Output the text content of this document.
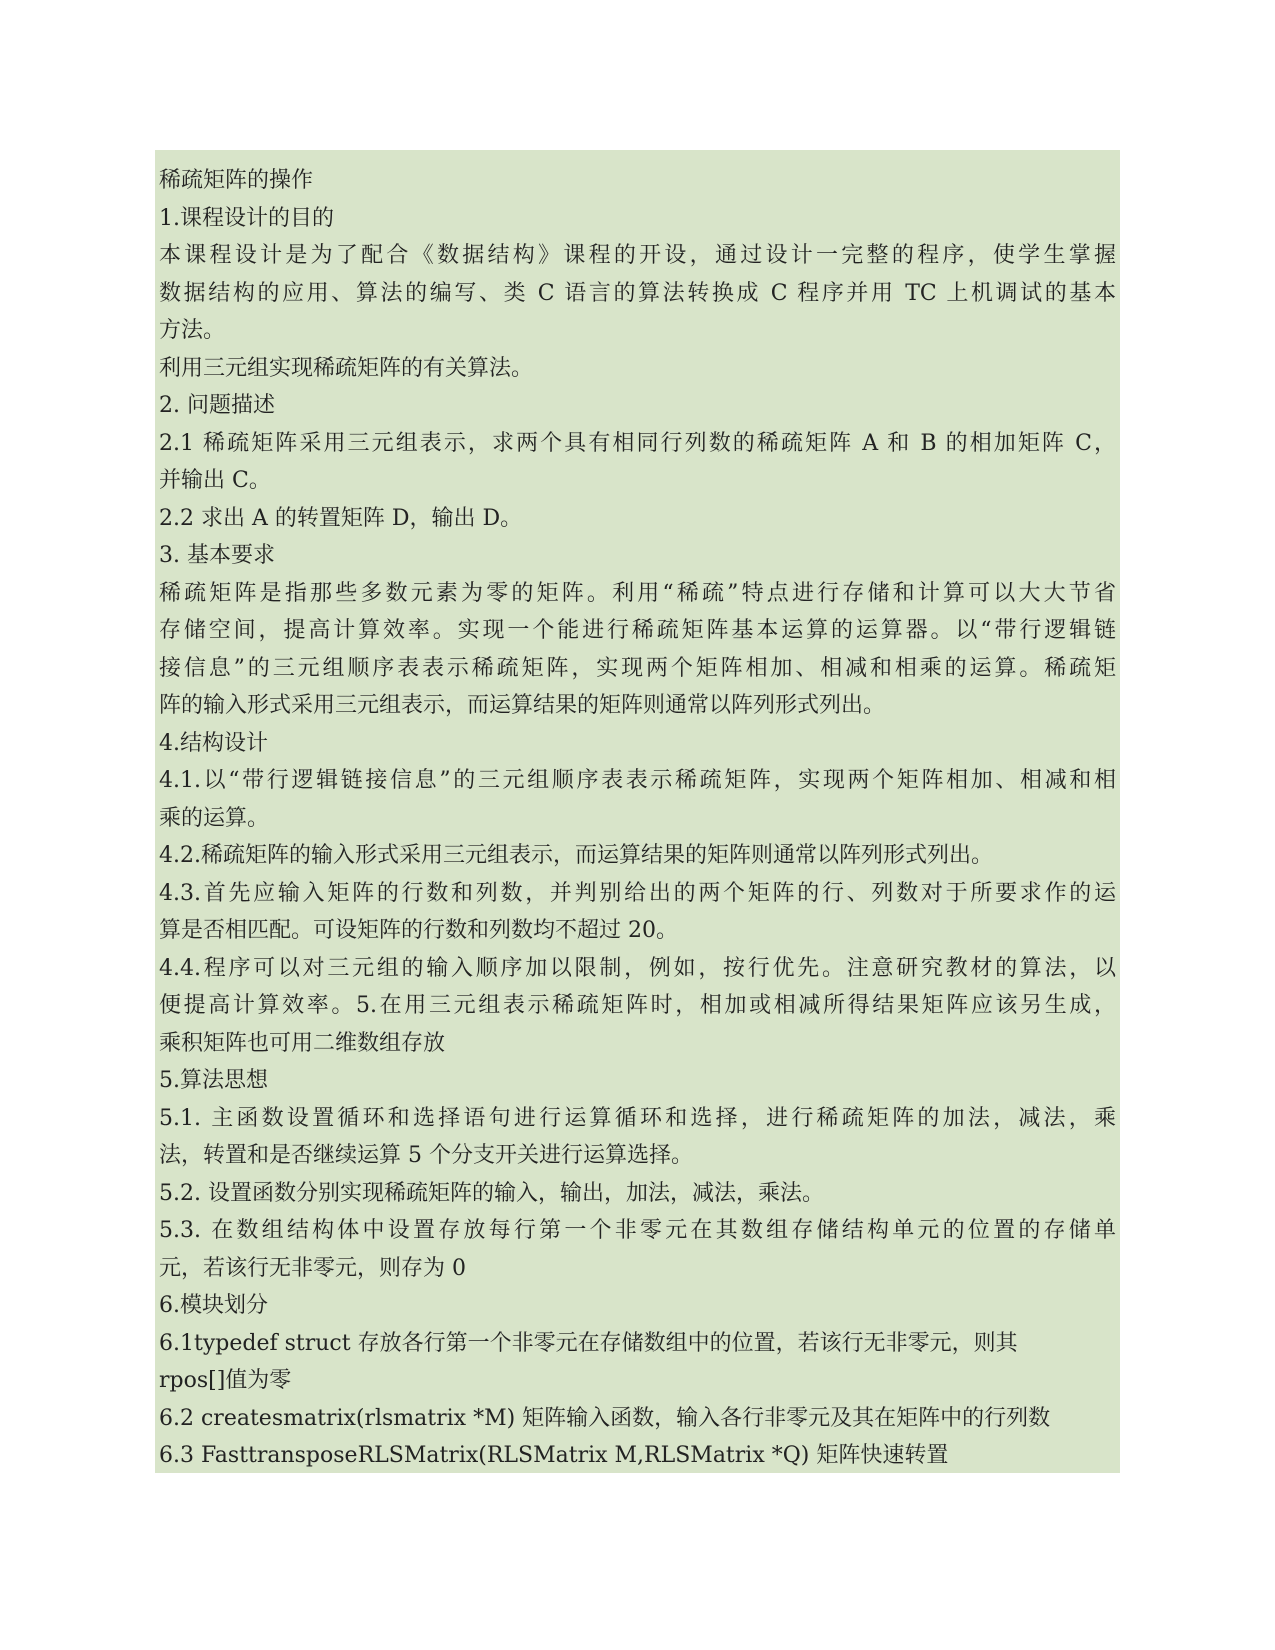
稀疏矩阵的操作
1.课程设计的目的
本课程设计是为了配合《数据结构》课程的开设，通过设计一完整的程序，使学生掌握
数据结构的应用、算法的编写、类 C 语言的算法转换成 C 程序并用 TC 上机调试的基本
方法。
利用三元组实现稀疏矩阵的有关算法。
2. 问题描述
2.1 稀疏矩阵采用三元组表示，求两个具有相同行列数的稀疏矩阵 A 和 B 的相加矩阵 C，
并输出 C。
2.2 求出 A 的转置矩阵 D，输出 D。
3. 基本要求
稀疏矩阵是指那些多数元素为零的矩阵。利用“稀疏”特点进行存储和计算可以大大节省
存储空间，提高计算效率。实现一个能进行稀疏矩阵基本运算的运算器。以“带行逻辑链
接信息”的三元组顺序表表示稀疏矩阵，实现两个矩阵相加、相减和相乘的运算。稀疏矩
阵的输入形式采用三元组表示，而运算结果的矩阵则通常以阵列形式列出。
4.结构设计
4.1.以“带行逻辑链接信息”的三元组顺序表表示稀疏矩阵，实现两个矩阵相加、相减和相
乘的运算。
4.2.稀疏矩阵的输入形式采用三元组表示，而运算结果的矩阵则通常以阵列形式列出。
4.3.首先应输入矩阵的行数和列数，并判别给出的两个矩阵的行、列数对于所要求作的运
算是否相匹配。可设矩阵的行数和列数均不超过 20。
4.4.程序可以对三元组的输入顺序加以限制，例如，按行优先。注意研究教材的算法，以
便提高计算效率。5.在用三元组表示稀疏矩阵时，相加或相减所得结果矩阵应该另生成，
乘积矩阵也可用二维数组存放
5.算法思想
5.1. 主函数设置循环和选择语句进行运算循环和选择，进行稀疏矩阵的加法，减法，乘
法，转置和是否继续运算 5 个分支开关进行运算选择。
5.2. 设置函数分别实现稀疏矩阵的输入，输出，加法，减法，乘法。
5.3. 在数组结构体中设置存放每行第一个非零元在其数组存储结构单元的位置的存储单
元，若该行无非零元，则存为 0
6.模块划分
6.1typedef struct 存放各行第一个非零元在存储数组中的位置，若该行无非零元，则其
rpos[]值为零
6.2 createsmatrix(rlsmatrix *M) 矩阵输入函数，输入各行非零元及其在矩阵中的行列数
6.3 FasttransposeRLSMatrix(RLSMatrix M,RLSMatrix *Q) 矩阵快速转置
